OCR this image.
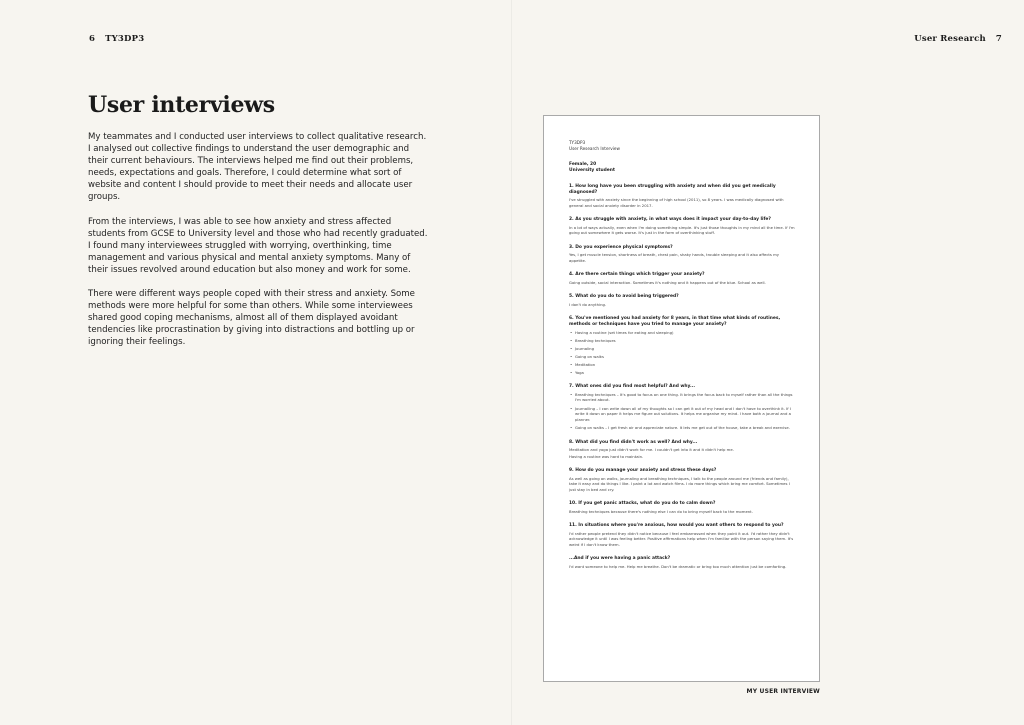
6 TY3DP3	User Research 7
User interviews

My teammates and I conducted user interviews to collect qualitative research. I analysed out collective findings to understand the user demographic and their current behaviours. The interviews helped me find out their problems, needs, expectations and goals. Therefore, I could determine what sort of website and content I should provide to meet their needs and allocate user groups.

From the interviews, I was able to see how anxiety and stress affected students from GCSE to University level and those who had recently graduated. I found many interviewees struggled with worrying, overthinking, time management and various physical and mental anxiety symptoms. Many of their issues revolved around education but also money and work for some.

There were different ways people coped with their stress and anxiety. Some methods were more helpful for some than others. While some interviewees shared good coping mechanisms, almost all of them displayed avoidant tendencies like procrastination by giving into distractions and bottling up or ignoring their feelings.

TY3DP3
User Research Interview
Female, 20
University student
1. How long have you been struggling with anxiety and when did you get medically diagnosed?
I've struggled with anxiety since the beginning of high school (2011), so 8 years. I was medically diagnosed with general and social anxiety disorder in 2017.
2. As you struggle with anxiety, in what ways does it impact your day-to-day life?
In a lot of ways actually, even when I'm doing something simple. It's just those thoughts in my mind all the time. If I'm going out somewhere it gets worse. It's just in the form of overthinking stuff.
3. Do you experience physical symptoms?
Yes, I get muscle tension, shortness of breath, chest pain, shaky hands, trouble sleeping and it also affects my appetite.
4. Are there certain things which trigger your anxiety?
Going outside, social interaction. Sometimes it's nothing and it happens out of the blue. School as well.
5. What do you do to avoid being triggered?
I don't do anything.
6. You've mentioned you had anxiety for 8 years, in that time what kinds of routines, methods or techniques have you tried to manage your anxiety?
• Having a routine (set times for eating and sleeping)
• Breathing techniques
• Journaling
• Going on walks
• Meditation
• Yoga
7. What ones did you find most helpful? And why...
• Breathing techniques – It's good to focus on one thing. It brings the focus back to myself rather than all the things I'm worried about.
• Journalling – I can write down all of my thoughts so I can get it out of my head and I don't have to overthink it. If I write it down on paper it helps me figure out solutions. It helps me organise my mind. I have both a journal and a planner.
• Going on walks – I get fresh air and appreciate nature. It lets me get out of the house, take a break and exercise.
8. What did you find didn't work as well? And why...
Meditation and yoga just didn't work for me. I couldn't get into it and it didn't help me.
Having a routine was hard to maintain.
9. How do you manage your anxiety and stress these days?
As well as going on walks, journaling and breathing techniques, I talk to the people around me (friends and family), take it easy and do things I like. I paint a lot and watch films. I do more things which bring me comfort. Sometimes I just stay in bed and cry.
10. If you get panic attacks, what do you do to calm down?
Breathing techniques because there's nothing else I can do to bring myself back to the moment.
11. In situations where you're anxious, how would you want others to respond to you?
I'd rather people pretend they didn't notice because I feel embarrassed when they point it out. I'd rather they didn't acknowledge it until I was feeling better. Positive affirmations help when I'm familiar with the person saying them. It's weird if I don't know them.
...And if you were having a panic attack?
I'd want someone to help me. Help me breathe. Don't be dramatic or bring too much attention just be comforting.
MY USER INTERVIEW
